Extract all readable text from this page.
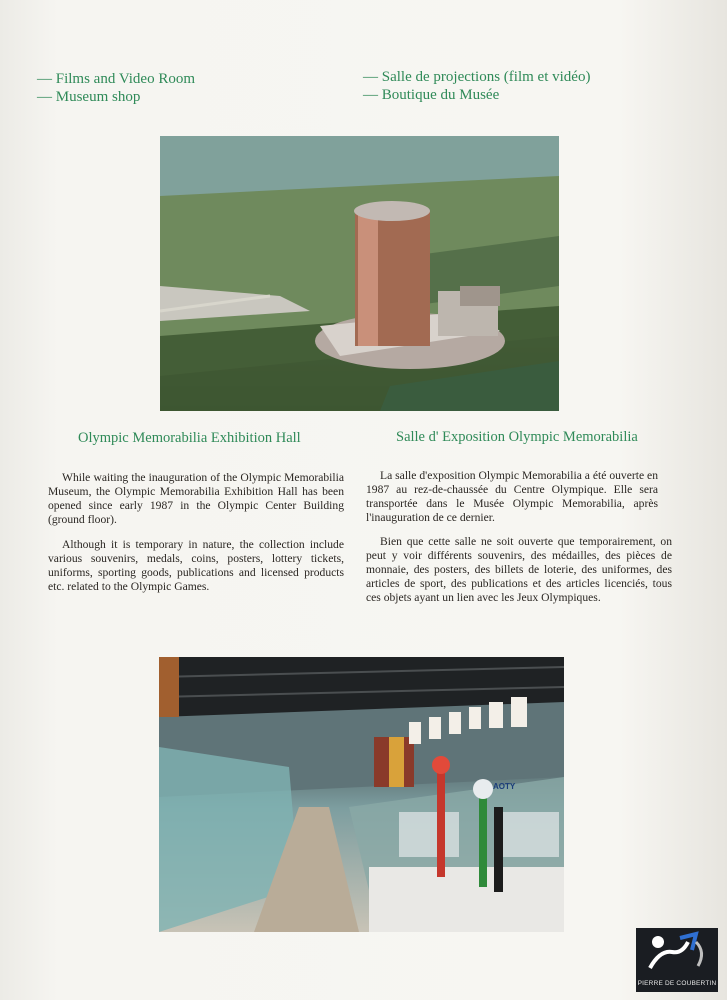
— Films and Video Room
— Museum shop
— Salle de projections (film et vidéo)
— Boutique du Musée
Olympic Memorabilia Exhibition Hall	Salle d' Exposition Olympic Memorabilia

While waiting the inauguration of the Olympic Memorabilia Museum, the Olympic Memorabilia Exhibition Hall has been opened since early 1987 in the Olympic Center Building (ground floor).

Although it is temporary in nature, the collection include various souvenirs, medals, coins, posters, lottery tickets, uniforms, sporting goods, publications and licensed products etc. related to the Olympic Games.

La salle d'exposition Olympic Memorabilia a été ouverte en 1987 au rez-de-chaussée du Centre Olympique. Elle sera transportée dans le Musée Olympic Memorabilia, après l'inauguration de ce dernier.

Bien que cette salle ne soit ouverte que temporairement, on peut y voir différents souvenirs, des médailles, des pièces de monnaie, des posters, des billets de loterie, des uniformes, des articles de sport, des publications et des articles licenciés, tous ces objets ayant un lien avec les Jeux Olympiques.

AOTY
PIERRE DE COUBERTIN
